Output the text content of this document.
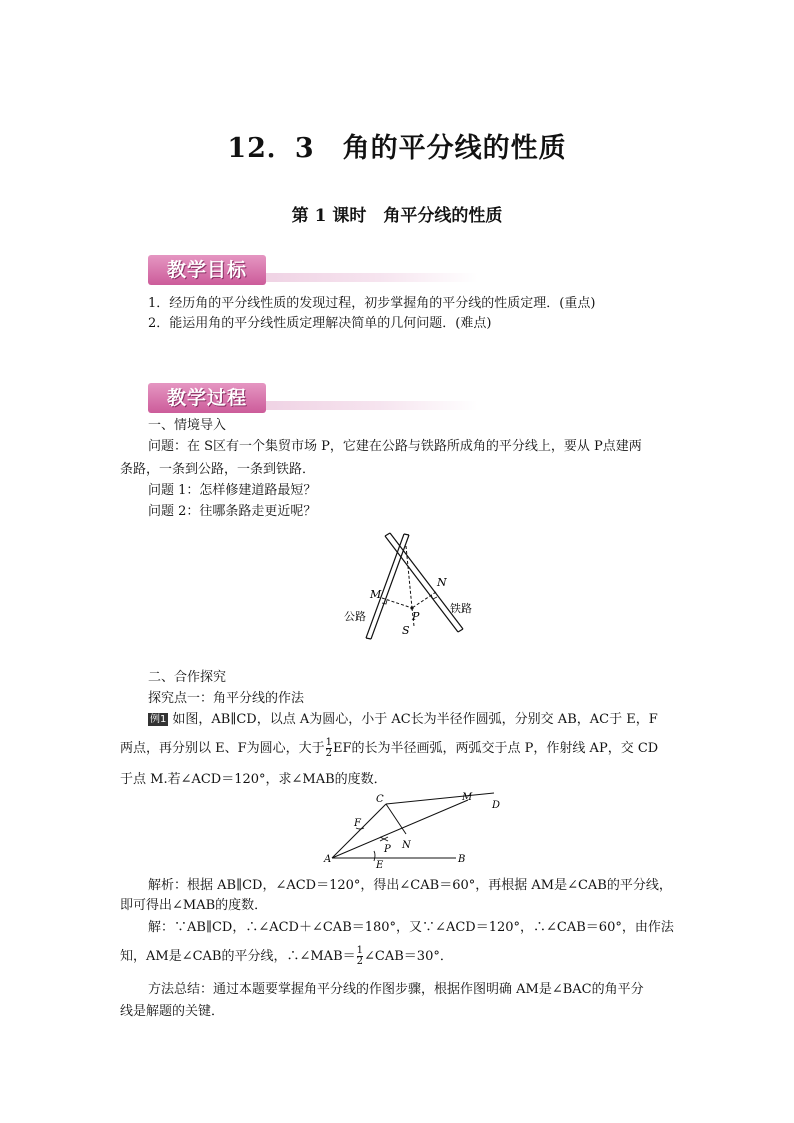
12．3　角的平分线的性质
第 1 课时　角平分线的性质
教学目标
1．经历角的平分线性质的发现过程，初步掌握角的平分线的性质定理．(重点)
2．能运用角的平分线性质定理解决简单的几何问题．(难点)
教学过程
一、情境导入
问题：在 S区有一个集贸市场 P，它建在公路与铁路所成角的平分线上，要从 P点建两
条路，一条到公路，一条到铁路．
问题 1：怎样修建道路最短？
问题 2：往哪条路走更近呢？
M
N
P
S
公路
铁路
二、合作探究
探究点一：角平分线的作法
例1 如图，AB∥CD，以点 A为圆心，小于 AC长为半径作圆弧，分别交 AB，AC于 E，F
两点，再分别以 E、F为圆心，大于 $\frac{1}{2}$ EF的长为半径画弧，两弧交于点 P，作射线 AP，交 CD
于点 M.若∠ACD＝120°，求∠MAB的度数．
A	B
C
D
M
N
E
F
P
解析：根据 AB∥CD，∠ACD＝120°，得出∠CAB＝60°，再根据 AM是∠CAB的平分线，
即可得出∠MAB的度数．
解：∵AB∥CD，∴∠ACD＋∠CAB＝180°，又∵∠ACD＝120°，∴∠CAB＝60°，由作法
知，AM是∠CAB的平分线，∴∠MAB＝ $\frac{1}{2}$ ∠CAB＝30°．
方法总结：通过本题要掌握角平分线的作图步骤，根据作图明确 AM是∠BAC的角平分
线是解题的关键．
